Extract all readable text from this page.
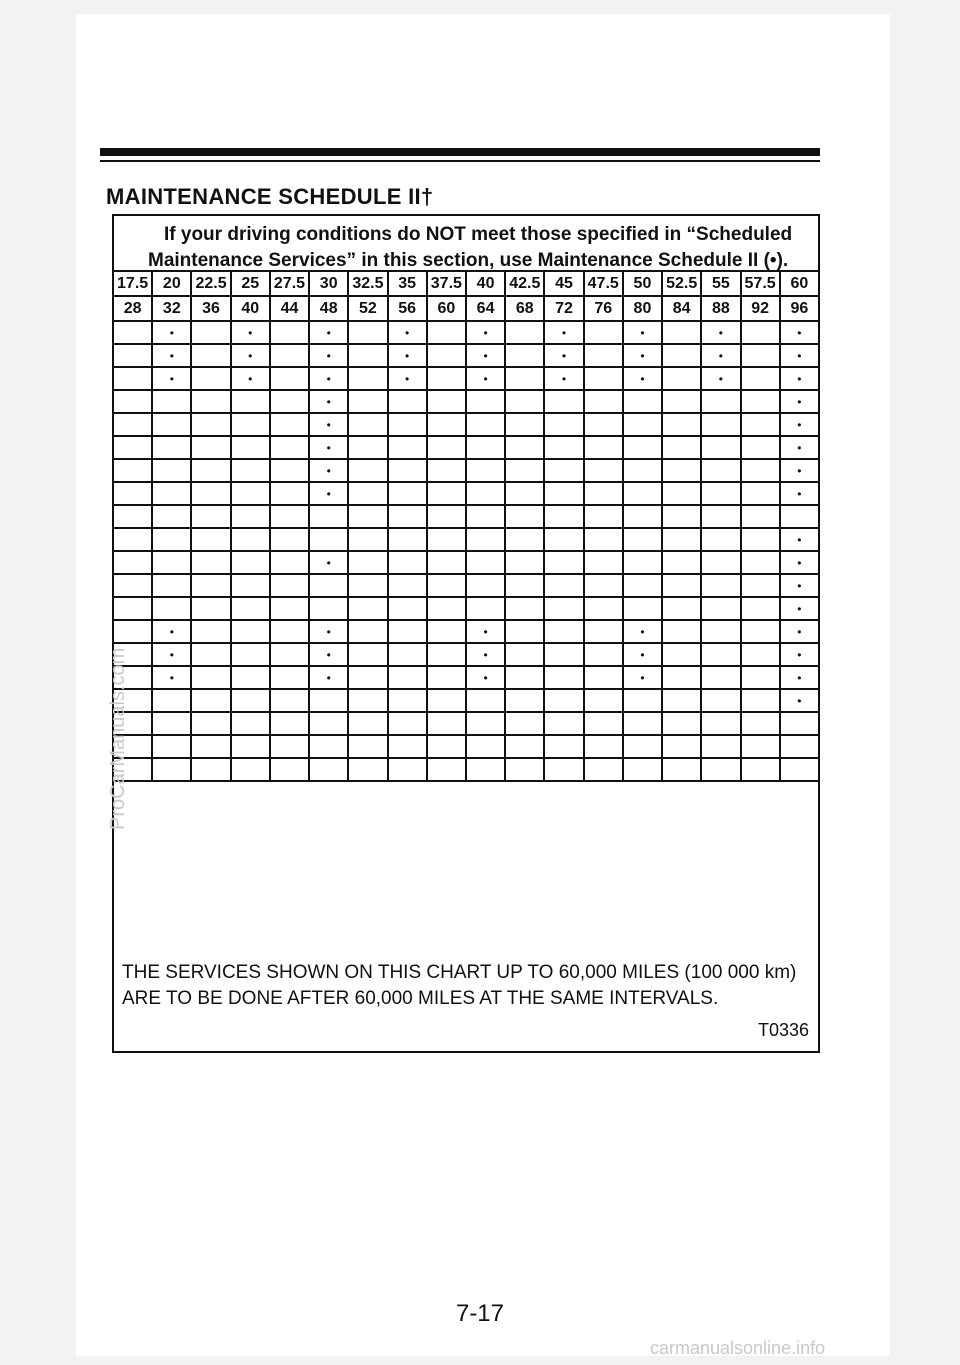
MAINTENANCE SCHEDULE II†
If your driving conditions do NOT meet those specified in “Scheduled
Maintenance Services” in this section, use Maintenance Schedule II (•).
17.5	20	22.5	25	27.5	30	32.5	35	37.5	40	42.5	45	47.5	50	52.5	55	57.5	60
28	32	36	40	44	48	52	56	60	64	68	72	76	80	84	88	92	96
	•		•		•		•		•		•		•		•		•
	•		•		•		•		•		•		•		•		•
	•		•		•		•		•		•		•		•		•
					•												•
					•												•
					•												•
					•												•
					•												•

																	•
					•												•
																	•
																	•
	•				•				•				•				•
	•				•				•				•				•
	•				•				•				•				•
																	•

THE SERVICES SHOWN ON THIS CHART UP TO 60,000 MILES (100 000 km)
ARE TO BE DONE AFTER 60,000 MILES AT THE SAME INTERVALS.
T0336
7-17
ProCarManuals.com
carmanualsonline.info
